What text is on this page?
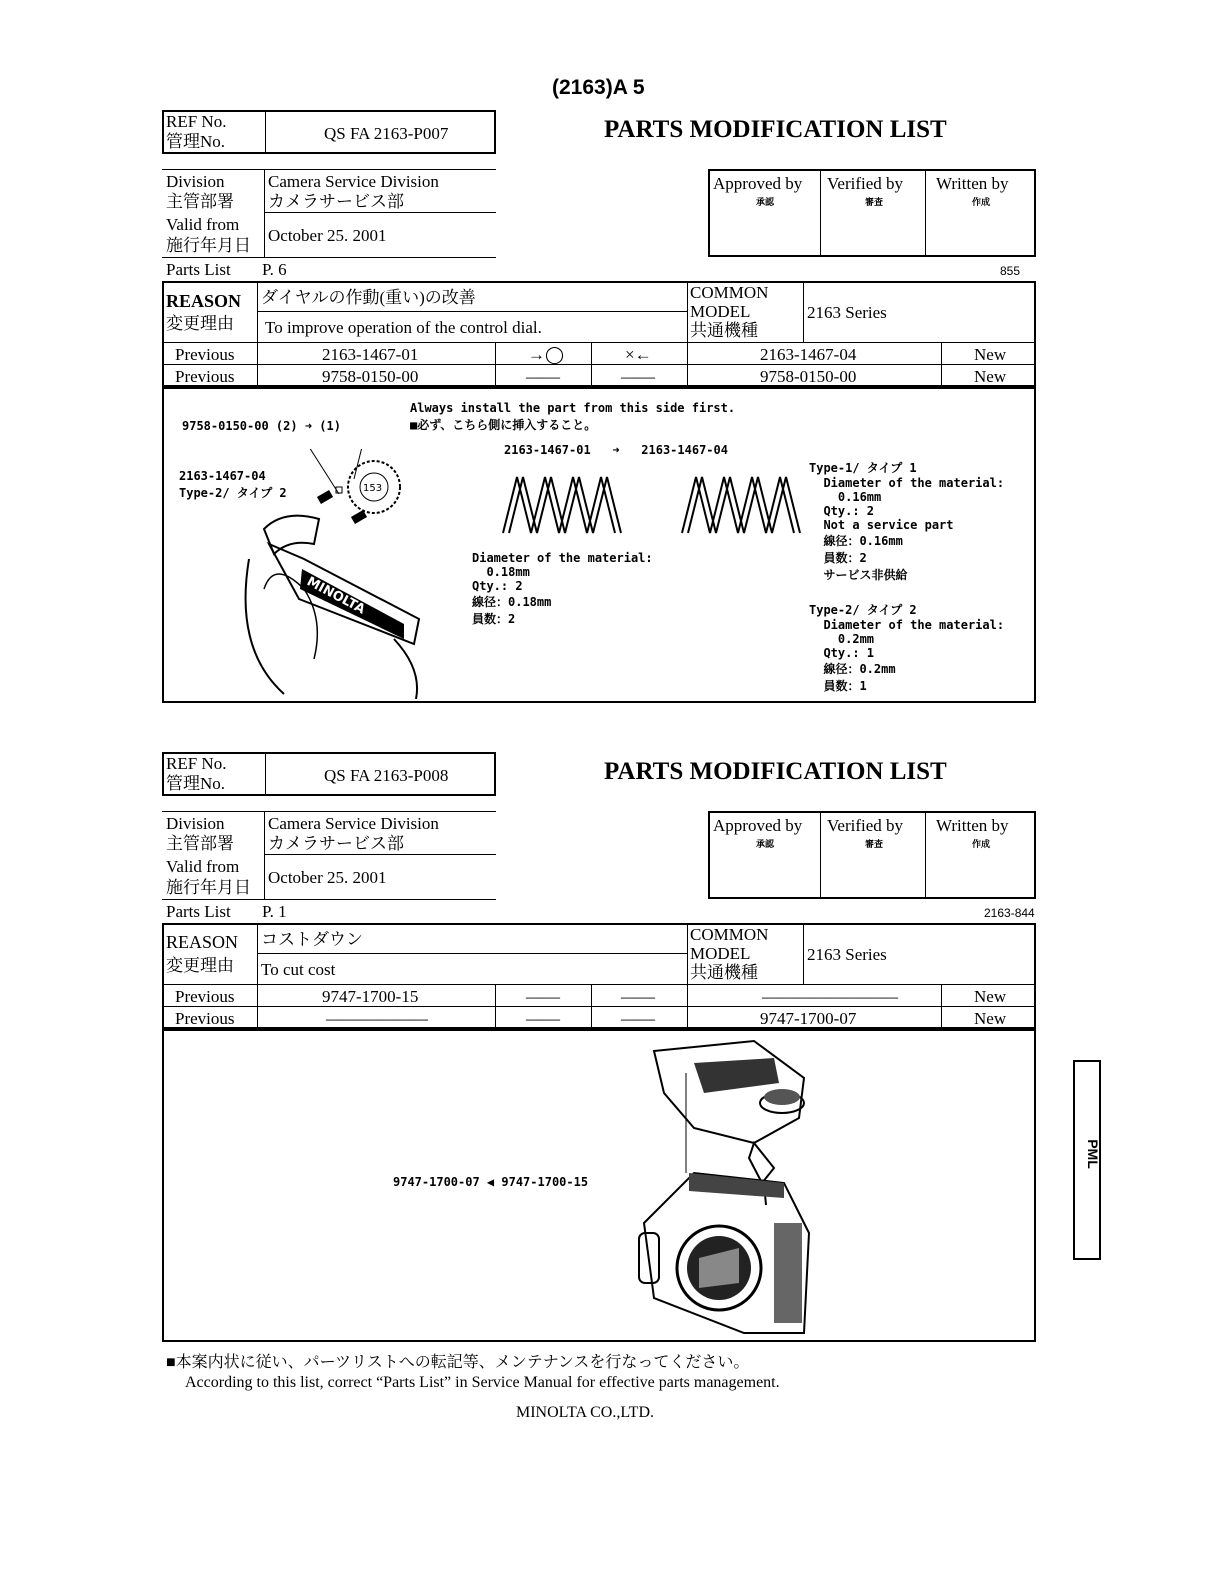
(2163)A 5
REF No.
管理No.	QS FA 2163-P007	PARTS MODIFICATION LIST
Division
主管部署
Camera Service Division
カメラサービス部
Valid from
施行年月日
October 25. 2001
Parts List P. 6	855
Approved by
承認
Verified by
審査
Written by
作成
REASON
変更理由
ダイヤルの作動(重い)の改善
To improve operation of the control dial.
COMMON
MODEL
共通機種
2163 Series
Previous	2163-1467-01	→◯	×←	2163-1467-04	New
Previous	9758-0150-00	——	——	9758-0150-00	New
Always install the part from this side first.
■必ず、こちら側に挿入すること。
9758-0150-00 (2) ➜ (1)
2163-1467-01   ➜   2163-1467-04
2163-1467-04
Type-2/ タイプ 2	153
MINOLTA
Diameter of the material:
0.18mm
Qty.: 2
線径：0.18mm
員数：2
Type-1/ タイプ 1
Diameter of the material:
0.16mm
Qty.: 2
Not a service part
線径：0.16mm
員数：2
サービス非供給
Type-2/ タイプ 2
Diameter of the material:
0.2mm
Qty.: 1
線径：0.2mm
員数：1
REF No.
管理No.	QS FA 2163-P008	PARTS MODIFICATION LIST
Division
主管部署
Camera Service Division
カメラサービス部
Valid from
施行年月日
October 25. 2001
Parts List P. 1	2163-844
Approved by
承認
Verified by
審査
Written by
作成
REASON
変更理由
コストダウン
To cut cost
COMMON
MODEL
共通機種
2163 Series
Previous	9747-1700-15	——	——	————————	New
Previous	——————	——	——	9747-1700-07	New
9747-1700-07 ◀ 9747-1700-15
■本案内状に従い、パーツリストへの転記等、メンテナンスを行なってください。
According to this list, correct “Parts List” in Service Manual for effective parts management.
MINOLTA CO.,LTD.
PML
